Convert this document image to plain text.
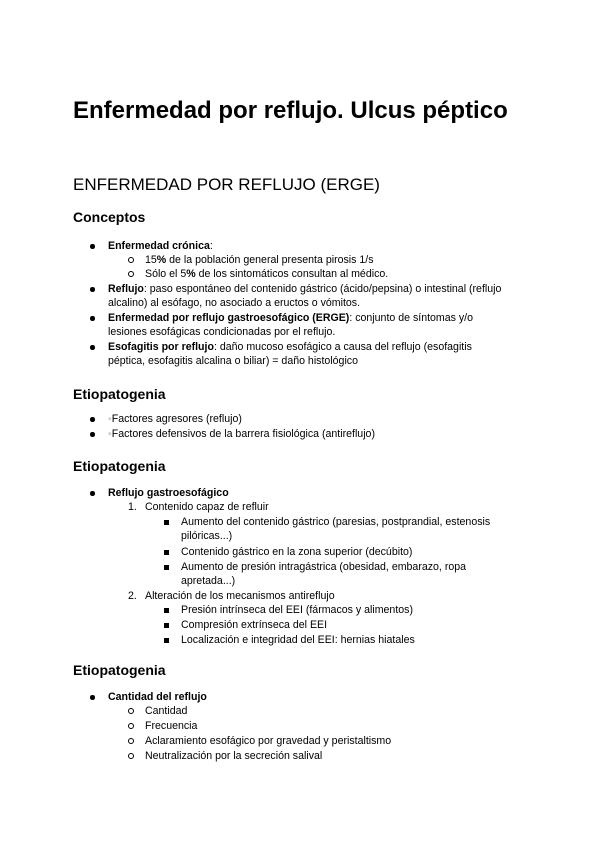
Enfermedad por reflujo. Ulcus péptico
ENFERMEDAD POR REFLUJO (ERGE)
Conceptos
Enfermedad crónica:
15% de la población general presenta pirosis 1/s
Sólo el 5% de los sintomáticos consultan al médico.
Reflujo: paso espontáneo del contenido gástrico (ácido/pepsina) o intestinal (reflujo
alcalino) al esófago, no asociado a eructos o vómitos.
Enfermedad por reflujo gastroesofágico (ERGE): conjunto de síntomas y/o
lesiones esofágicas condicionadas por el reflujo.
Esofagitis por reflujo: daño mucoso esofágico a causa del reflujo (esofagitis
péptica, esofagitis alcalina o biliar) = daño histológico
Etiopatogenia
◦Factores agresores (reflujo)
◦Factores defensivos de la barrera fisiológica (antireflujo)
Etiopatogenia
Reflujo gastroesofágico
1. Contenido capaz de refluir
Aumento del contenido gástrico (paresias, postprandial, estenosis
pilóricas...)
Contenido gástrico en la zona superior (decúbito)
Aumento de presión intragástrica (obesidad, embarazo, ropa
apretada...)
2. Alteración de los mecanismos antireflujo
Presión intrínseca del EEI (fármacos y alimentos)
Compresión extrínseca del EEI
Localización e integridad del EEI: hernias hiatales
Etiopatogenia
Cantidad del reflujo
Cantidad
Frecuencia
Aclaramiento esofágico por gravedad y peristaltismo
Neutralización por la secreción salival
